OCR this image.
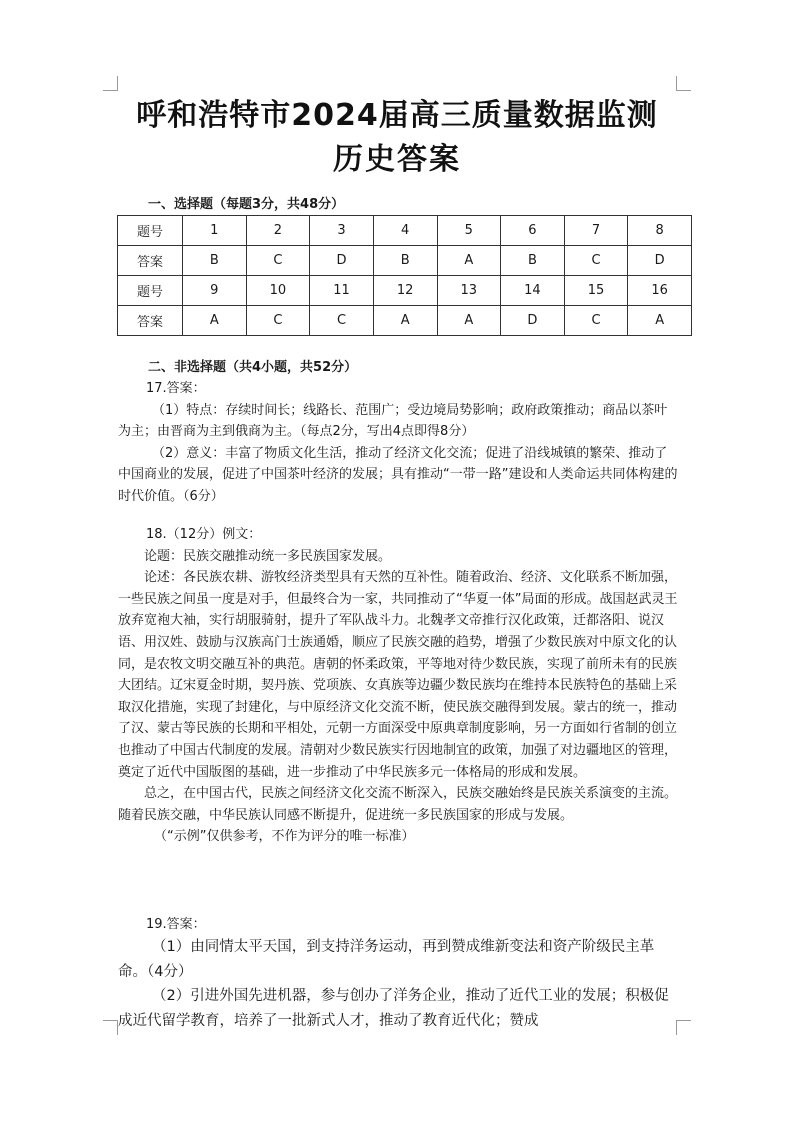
呼和浩特市2024届高三质量数据监测
历史答案
一、选择题（每题3分，共48分）
题号	1	2	3	4	5	6	7	8
答案	B	C	D	B	A	B	C	D
题号	9	10	11	12	13	14	15	16
答案	A	C	C	A	A	D	C	A
二、非选择题（共4小题，共52分）

17.答案：

（1）特点：存续时间长；线路长、范围广；受边境局势影响；政府政策推动；商品以茶叶为主；由晋商为主到俄商为主。（每点2分，写出4点即得8分）

（2）意义：丰富了物质文化生活，推动了经济文化交流；促进了沿线城镇的繁荣、推动了中国商业的发展，促进了中国茶叶经济的发展；具有推动“一带一路”建设和人类命运共同体构建的时代价值。（6分）

18.（12分）例文：

论题：民族交融推动统一多民族国家发展。

论述：各民族农耕、游牧经济类型具有天然的互补性。随着政治、经济、文化联系不断加强，一些民族之间虽一度是对手，但最终合为一家，共同推动了“华夏一体”局面的形成。战国赵武灵王放弃宽袍大袖，实行胡服骑射，提升了军队战斗力。北魏孝文帝推行汉化政策，迁都洛阳、说汉语、用汉姓、鼓励与汉族高门士族通婚，顺应了民族交融的趋势，增强了少数民族对中原文化的认同，是农牧文明交融互补的典范。唐朝的怀柔政策，平等地对待少数民族，实现了前所未有的民族大团结。辽宋夏金时期，契丹族、党项族、女真族等边疆少数民族均在维持本民族特色的基础上采取汉化措施，实现了封建化，与中原经济文化交流不断，使民族交融得到发展。蒙古的统一，推动了汉、蒙古等民族的长期和平相处，元朝一方面深受中原典章制度影响，另一方面如行省制的创立也推动了中国古代制度的发展。清朝对少数民族实行因地制宜的政策，加强了对边疆地区的管理，奠定了近代中国版图的基础，进一步推动了中华民族多元一体格局的形成和发展。

总之，在中国古代，民族之间经济文化交流不断深入，民族交融始终是民族关系演变的主流。随着民族交融，中华民族认同感不断提升，促进统一多民族国家的形成与发展。

（“示例”仅供参考，不作为评分的唯一标准）

19.答案：

（1）由同情太平天国，到支持洋务运动，再到赞成维新变法和资产阶级民主革命。（4分）

（2）引进外国先进机器，参与创办了洋务企业，推动了近代工业的发展；积极促成近代留学教育，培养了一批新式人才，推动了教育近代化；赞成
